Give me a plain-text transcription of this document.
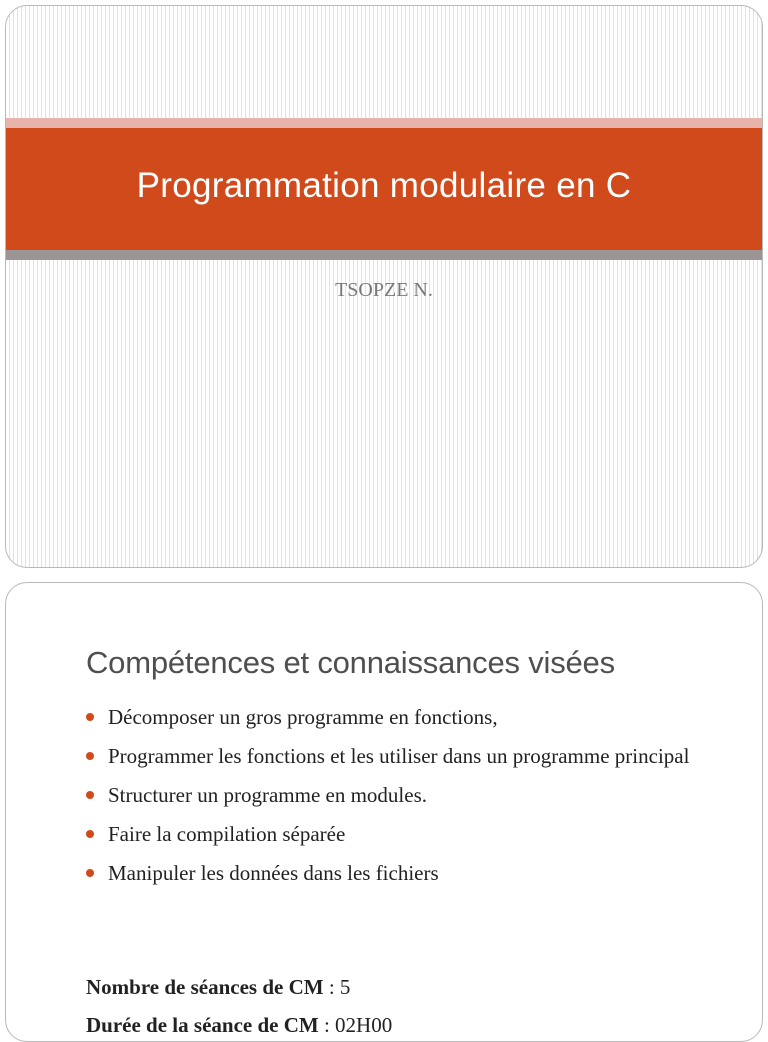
Programmation modulaire en C
TSOPZE N.
Compétences et connaissances visées
Décomposer un gros programme en fonctions,
Programmer les fonctions et les utiliser dans un programme principal
Structurer un programme en modules.
Faire la compilation séparée
Manipuler les données dans les fichiers
Nombre de séances de CM : 5
Durée de la séance de CM : 02H00
